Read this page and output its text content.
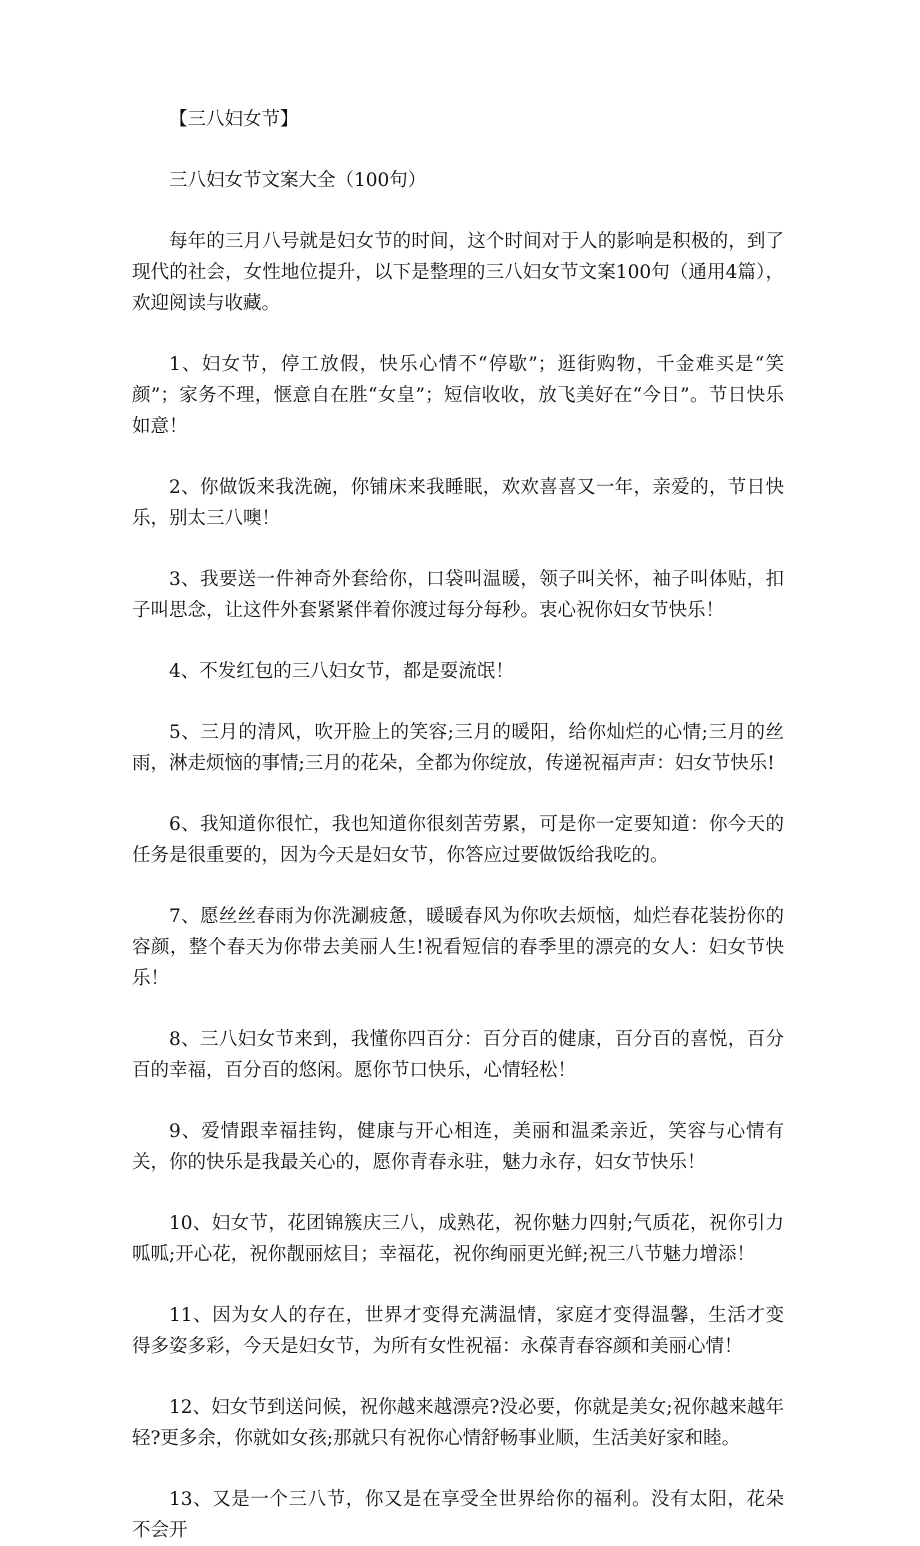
【三八妇女节】
三八妇女节文案大全（100句）

每年的三月八号就是妇女节的时间，这个时间对于人的影响是积极的，到了现代的社会，女性地位提升，以下是整理的三八妇女节文案100句（通用4篇），欢迎阅读与收藏。

1、妇女节，停工放假，快乐心情不“停歇”；逛街购物，千金难买是“笑颜”；家务不理，惬意自在胜“女皇”；短信收收，放飞美好在“今日”。节日快乐如意！

2、你做饭来我洗碗，你铺床来我睡眠，欢欢喜喜又一年，亲爱的，节日快乐，别太三八噢！

3、我要送一件神奇外套给你，口袋叫温暖，领子叫关怀，袖子叫体贴，扣子叫思念，让这件外套紧紧伴着你渡过每分每秒。衷心祝你妇女节快乐！

4、不发红包的三八妇女节，都是耍流氓！

5、三月的清风，吹开脸上的笑容;三月的暖阳，给你灿烂的心情;三月的丝雨，淋走烦恼的事情;三月的花朵，全都为你绽放，传递祝福声声：妇女节快乐!

6、我知道你很忙，我也知道你很刻苦劳累，可是你一定要知道：你今天的任务是很重要的，因为今天是妇女节，你答应过要做饭给我吃的。

7、愿丝丝春雨为你洗涮疲惫，暖暖春风为你吹去烦恼，灿烂春花装扮你的容颜，整个春天为你带去美丽人生!祝看短信的春季里的漂亮的女人：妇女节快乐！

8、三八妇女节来到，我懂你四百分：百分百的健康，百分百的喜悦，百分百的幸福，百分百的悠闲。愿你节口快乐，心情轻松！

9、爱情跟幸福挂钩，健康与开心相连，美丽和温柔亲近，笑容与心情有关，你的快乐是我最关心的，愿你青春永驻，魅力永存，妇女节快乐！

10、妇女节，花团锦簇庆三八，成熟花，祝你魅力四射;气质花，祝你引力呱呱;开心花，祝你靓丽炫目；幸福花，祝你绚丽更光鲜;祝三八节魅力增添！

11、因为女人的存在，世界才变得充满温情，家庭才变得温馨，生活才变得多姿多彩，今天是妇女节，为所有女性祝福：永葆青春容颜和美丽心情！

12、妇女节到送问候，祝你越来越漂亮?没必要，你就是美女;祝你越来越年轻?更多余，你就如女孩;那就只有祝你心情舒畅事业顺，生活美好家和睦。

13、又是一个三八节，你又是在享受全世界给你的福利。没有太阳，花朵不会开
